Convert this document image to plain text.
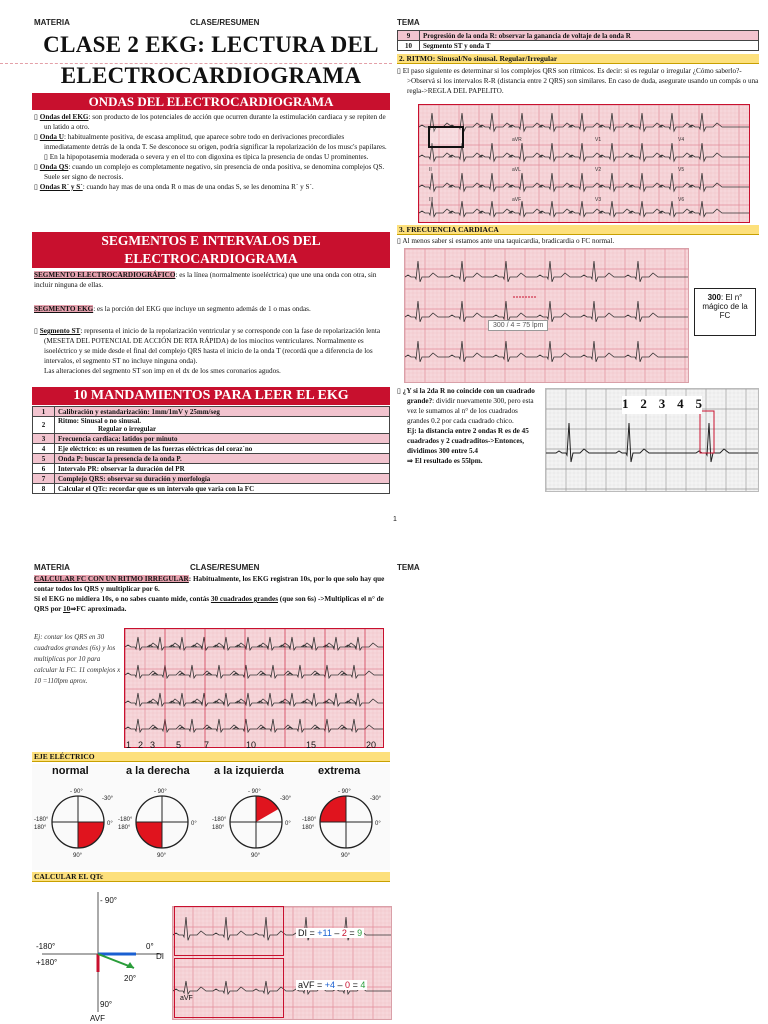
MATERIA	CLASE/RESUMEN	TEMA
CLASE 2 EKG: LECTURA DEL
ELECTROCARDIOGRAMA
ONDAS DEL ELECTROCARDIOGRAMA
▯ Ondas del EKG: son producto de los potenciales de acción que ocurren durante la estimulación cardiaca y se repiten de un latido a otro.
▯ Onda U: habitualmente positiva, de escasa amplitud, que aparece sobre todo en derivaciones precordiales inmediatamente detrás de la onda T. Se desconoce su origen, podría significar la repolarización de los musc's papilares.
▯ En la hipopotasemia moderada o severa y en el tto con digoxina es típica la presencia de ondas U prominentes.
▯ Onda QS: cuando un complejo es completamente negativo, sin presencia de onda positiva, se denomina complejos QS. Suele ser signo de necrosis.
▯ Ondas R´ y S´: cuando hay mas de una onda R o mas de una ondas S, se les denomina R´ y S´.
SEGMENTOS E INTERVALOS DEL
ELECTROCARDIOGRAMA
SEGMENTO ELECTROCARDIOGRÁFICO: es la línea (normalmente isoeléctrica) que une una onda con otra, sin incluir ninguna de ellas.
SEGMENTO EKG: es la porción del EKG que incluye un segmento además de 1 o mas ondas.
▯ Segmento ST: representa el inicio de la repolarización ventricular y se corresponde con la fase de repolarización lenta (MESETA DEL POTENCIAL DE ACCIÓN DE RTA RÁPIDA) de los miocitos ventriculares. Normalmente es isoeléctrico y se mide desde el final del complejo QRS hasta el inicio de la onda T (recordá que a diferencia de los intervalos, el segmento ST no incluye ninguna onda).
Las alteraciones del segmento ST son imp en el dx de los smes coronarios agudos.
10 MANDAMIENTOS PARA LEER EL EKG
1	Calibración y estandarización: 1mm/1mV y 25mm/seg

2	Ritmo: Sinusal o no sinusal.
Regular o irregular

3	Frecuencia cardiaca: latidos por minuto

4	Eje eléctrico: es un resumen de las fuerzas eléctricas del coraz´no

5	Onda P: buscar la presencia de la onda P.

6	Intervalo PR: observar la duración del PR

7	Complejo QRS: observar su duración y morfología

8	Calcular el QTc: recordar que es un intervalo que varia con la FC
1
9	Progresión de la onda R: observar la ganancia de voltaje de la onda R
10	Segmento ST y onda T
2. RITMO: Sinusal/No sinusal. Regular/Irregular
▯ El paso siguiente es determinar si los complejos QRS son rítmicos. Es decir: si es regular o irregular ¿Cómo saberlo?->Observá si los intervalos R-R (distancia entre 2 QRS) son similares. En caso de duda, asegurate usando un compás o una regla->REGLA DEL PAPELITO.
I	aVR	V1	V4
II	aVL	V2	V5
III	aVF	V3	V6
3. FRECUENCIA CARDIACA
▯ Al menos saber si estamos ante una taquicardia, bradicardia o FC normal.
300 / 4 = 75 lpm
300: El n° mágico de la FC
▯ ¿Y si la 2da R no coincide con un cuadrado grande?: dividir nuevamente 300, pero esta vez le sumamos al n° de los cuadrados grandes 0.2 por cada cuadrado chico.
Ej: la distancia entre 2 ondas R es de 45 cuadrados y 2 cuadraditos->Entonces, dividimos 300 entre 5.4
⇒ El resultado es 55lpm.
1 2 3 4 5
MATERIA	CLASE/RESUMEN	TEMA
CALCULAR FC CON UN RITMO IRREGULAR: Habitualmente, los EKG registran 10s, por lo que solo hay que contar todos los QRS y multiplicar por 6.
Si el EKG no midiera 10s, o no sabes cuanto mide, contás 30 cuadrados grandes (que son 6s) ->Multiplicas el n° de QRS por 10⇒FC aproximada.
Ej: contar los QRS en 30 cuadrados grandes (6s) y los multiplicas por 10 para calcular la FC. 11 complejos x 10 =110lpm aprox.
1 2 3 5	7	10	15	20
EJE ELÉCTRICO
normal	a la derecha a la izquierda	extrema
- 90°
0°
-180°
180°
90°
-30°
- 90°
0°
-180°
180°
90°
- 90°
0°
-180°
180°
90°
-30°
- 90°
0°
-180°
180°
90°
-30°
CALCULAR EL QTc
- 90°
-180°
+180°
0°
DI
20°
90°
AVF
aVF
DI = +11 – 2 = 9
aVF = +4 – 0 = 4
